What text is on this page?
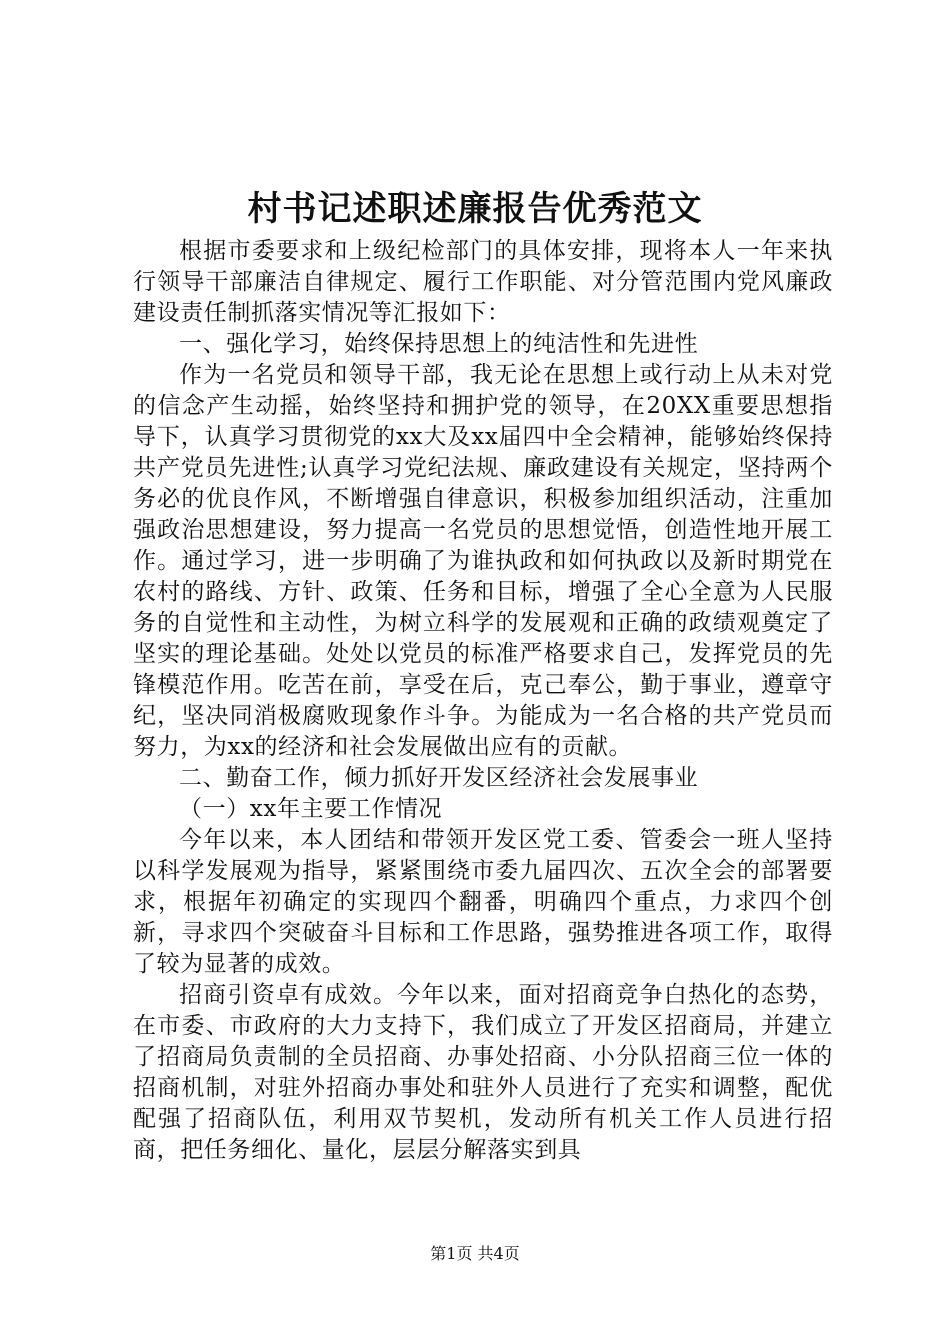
村书记述职述廉报告优秀范文

根据市委要求和上级纪检部门的具体安排，现将本人一年来执行领导干部廉洁自律规定、履行工作职能、对分管范围内党风廉政建设责任制抓落实情况等汇报如下：

一、强化学习，始终保持思想上的纯洁性和先进性

作为一名党员和领导干部，我无论在思想上或行动上从未对党的信念产生动摇，始终坚持和拥护党的领导，在20XX重要思想指导下，认真学习贯彻党的xx大及xx届四中全会精神，能够始终保持共产党员先进性;认真学习党纪法规、廉政建设有关规定，坚持两个务必的优良作风，不断增强自律意识，积极参加组织活动，注重加强政治思想建设，努力提高一名党员的思想觉悟，创造性地开展工作。通过学习，进一步明确了为谁执政和如何执政以及新时期党在农村的路线、方针、政策、任务和目标，增强了全心全意为人民服务的自觉性和主动性，为树立科学的发展观和正确的政绩观奠定了坚实的理论基础。处处以党员的标准严格要求自己，发挥党员的先锋模范作用。吃苦在前，享受在后，克己奉公，勤于事业，遵章守纪，坚决同消极腐败现象作斗争。为能成为一名合格的共产党员而努力，为xx的经济和社会发展做出应有的贡献。

二、勤奋工作，倾力抓好开发区经济社会发展事业

（一）xx年主要工作情况

今年以来，本人团结和带领开发区党工委、管委会一班人坚持以科学发展观为指导，紧紧围绕市委九届四次、五次全会的部署要求，根据年初确定的实现四个翻番，明确四个重点，力求四个创新，寻求四个突破奋斗目标和工作思路，强势推进各项工作，取得了较为显著的成效。

招商引资卓有成效。今年以来，面对招商竞争白热化的态势，在市委、市政府的大力支持下，我们成立了开发区招商局，并建立了招商局负责制的全员招商、办事处招商、小分队招商三位一体的招商机制，对驻外招商办事处和驻外人员进行了充实和调整，配优配强了招商队伍，利用双节契机，发动所有机关工作人员进行招商，把任务细化、量化，层层分解落实到具

第1页 共4页
